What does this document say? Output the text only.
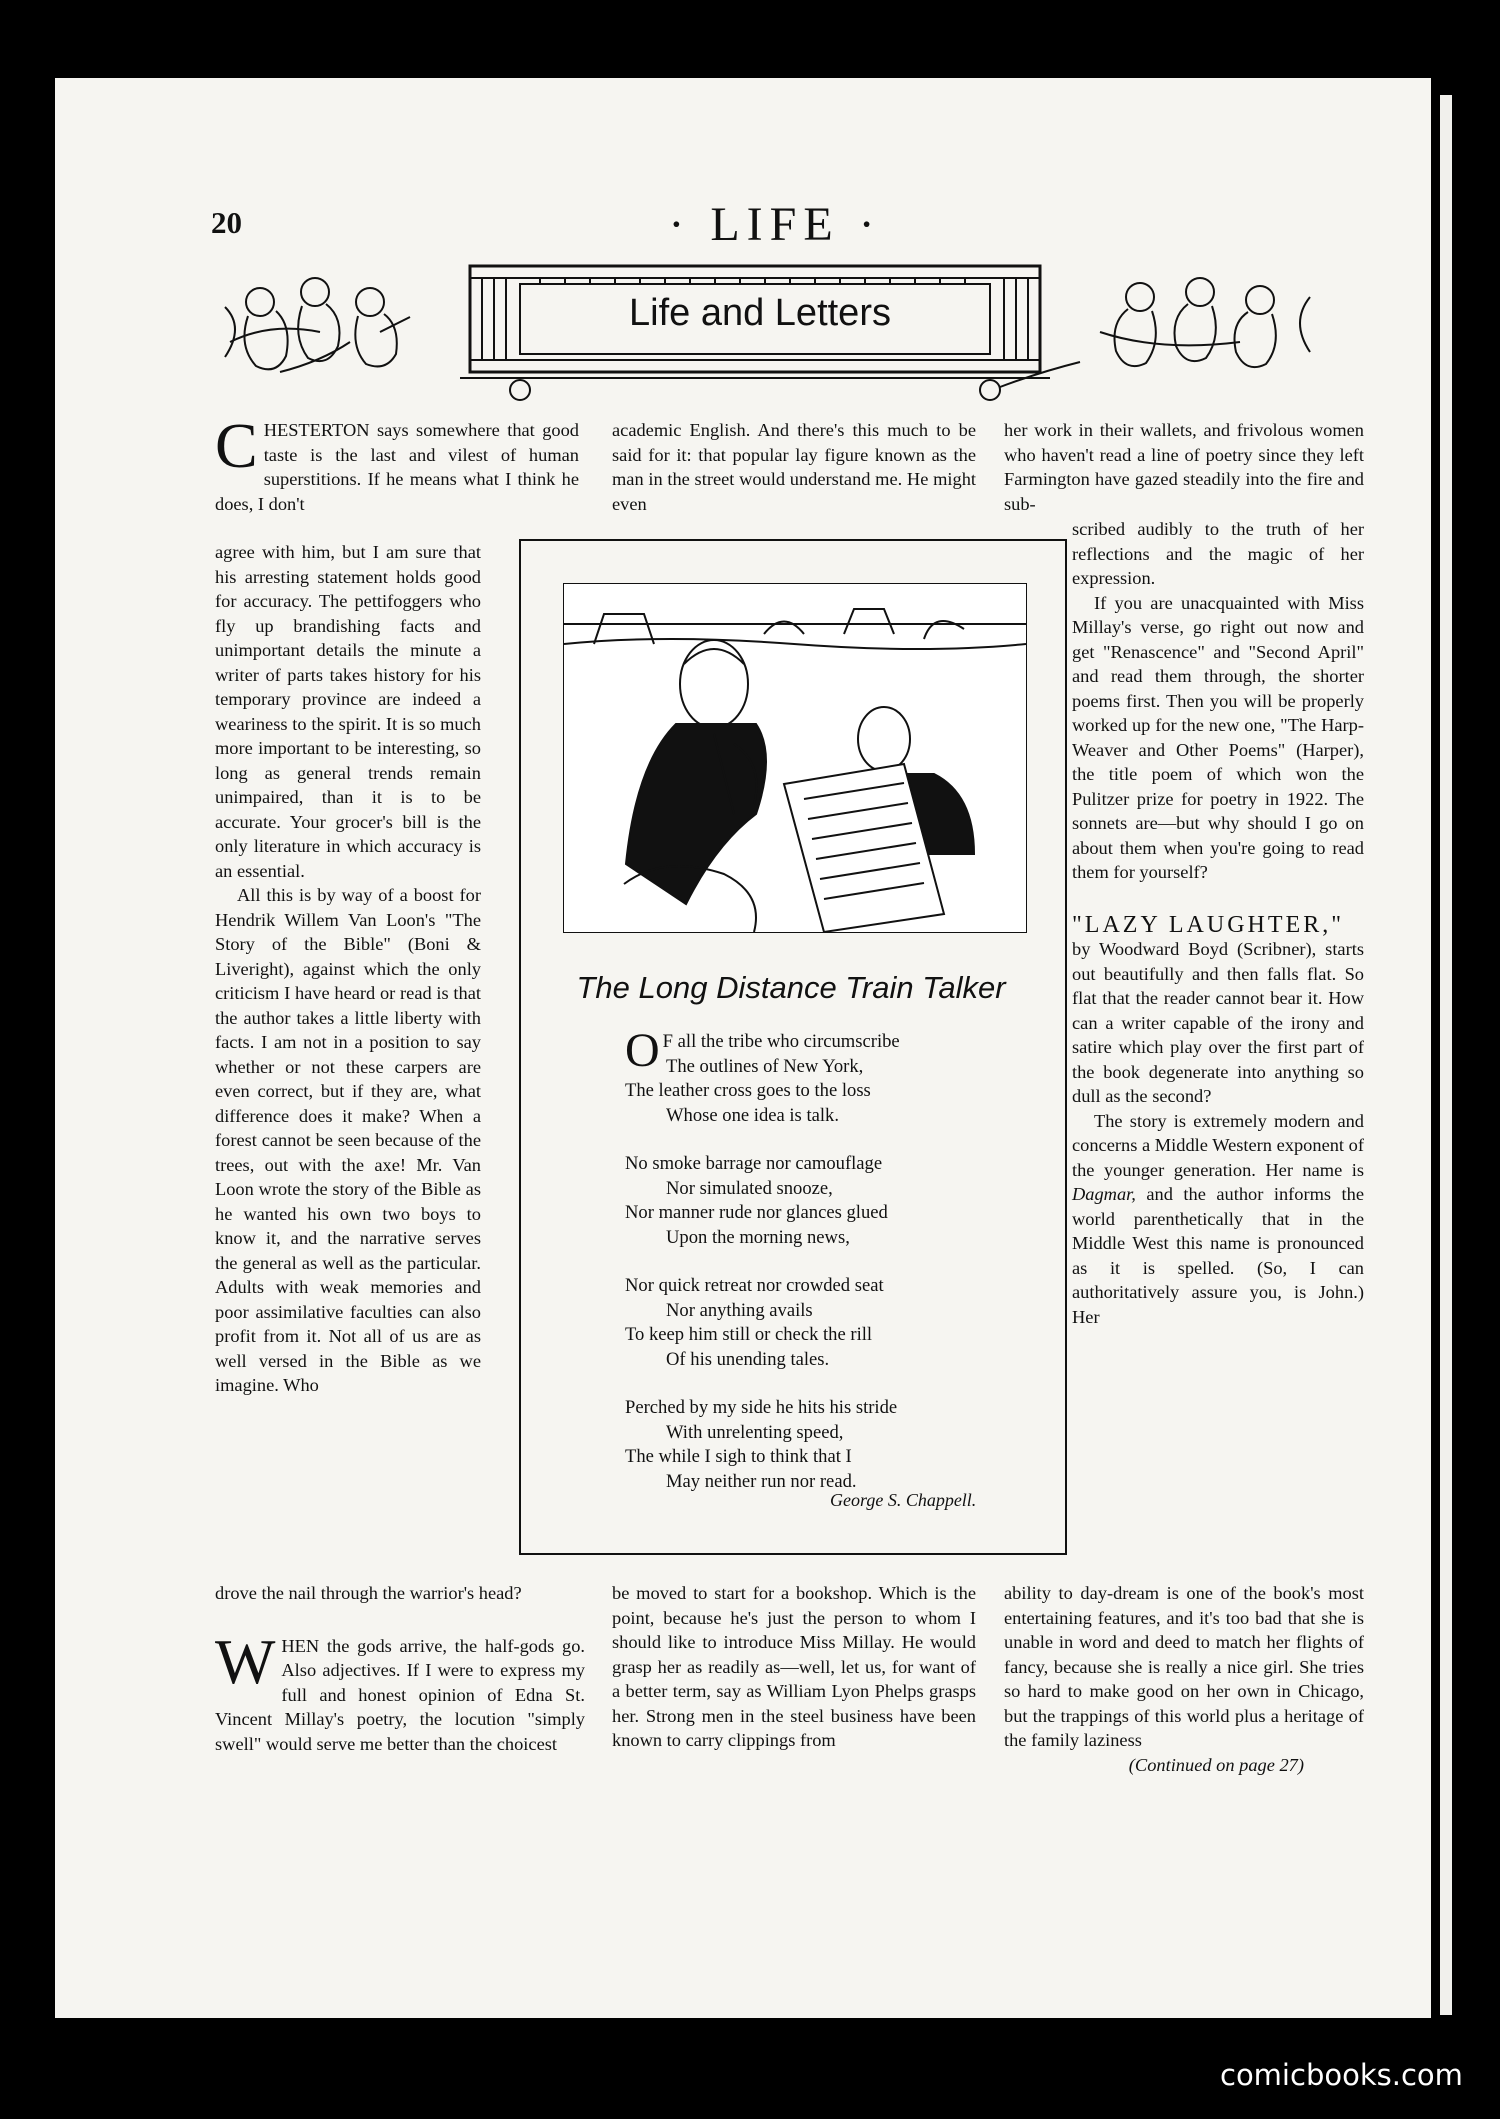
20	· LIFE ·
Life and Letters

CHESTERTON says somewhere that good taste is the last and vilest of human superstitions. If he means what I think he does, I don't

agree with him, but I am sure that his arresting statement holds good for accuracy. The pettifoggers who fly up brandishing facts and unimportant details the minute a writer of parts takes history for his temporary province are indeed a weariness to the spirit. It is so much more important to be interesting, so long as general trends remain unimpaired, than it is to be accurate. Your grocer's bill is the only literature in which accuracy is an essential.

All this is by way of a boost for Hendrik Willem Van Loon's "The Story of the Bible" (Boni & Liveright), against which the only criticism I have heard or read is that the author takes a little liberty with facts. I am not in a position to say whether or not these carpers are even correct, but if they are, what difference does it make? When a forest cannot be seen because of the trees, out with the axe! Mr. Van Loon wrote the story of the Bible as he wanted his own two boys to know it, and the narrative serves the general as well as the particular. Adults with weak memories and poor assimilative faculties can also profit from it. Not all of us are as well versed in the Bible as we imagine. Who

drove the nail through the warrior's head?

WHEN the gods arrive, the half-gods go. Also adjectives. If I were to express my full and honest opinion of Edna St. Vincent Millay's poetry, the locution "simply swell" would serve me better than the choicest

academic English. And there's this much to be said for it: that popular lay figure known as the man in the street would understand me. He might even

be moved to start for a bookshop. Which is the point, because he's just the person to whom I should like to introduce Miss Millay. He would grasp her as readily as—well, let us, for want of a better term, say as William Lyon Phelps grasps her. Strong men in the steel business have been known to carry clippings from

her work in their wallets, and frivolous women who haven't read a line of poetry since they left Farmington have gazed steadily into the fire and sub-

scribed audibly to the truth of her reflections and the magic of her expression.

If you are unacquainted with Miss Millay's verse, go right out now and get "Renascence" and "Second April" and read them through, the shorter poems first. Then you will be properly worked up for the new one, "The Harp-Weaver and Other Poems" (Harper), the title poem of which won the Pulitzer prize for poetry in 1922. The sonnets are—but why should I go on about them when you're going to read them for yourself?

"LAZY LAUGHTER,"

by Woodward Boyd (Scribner), starts out beautifully and then falls flat. So flat that the reader cannot bear it. How can a writer capable of the irony and satire which play over the first part of the book degenerate into anything so dull as the second?

The story is extremely modern and concerns a Middle Western exponent of the younger generation. Her name is Dagmar, and the author informs the world parenthetically that in the Middle West this name is pronounced as it is spelled. (So, I can authoritatively assure you, is John.) Her

ability to day-dream is one of the book's most entertaining features, and it's too bad that she is unable in word and deed to match her flights of fancy, because she is really a nice girl. She tries so hard to make good on her own in Chicago, but the trappings of this world plus a heritage of the family laziness

(Continued on page 27)

The Long Distance Train Talker
O F all the tribe who circumscribe
The outlines of New York,
The leather cross goes to the loss
Whose one idea is talk.
No smoke barrage nor camouflage
Nor simulated snooze,
Nor manner rude nor glances glued
Upon the morning news,
Nor quick retreat nor crowded seat
Nor anything avails
To keep him still or check the rill
Of his unending tales.
Perched by my side he hits his stride
With unrelenting speed,
The while I sigh to think that I
May neither run nor read.
George S. Chappell.
comicbooks.com
